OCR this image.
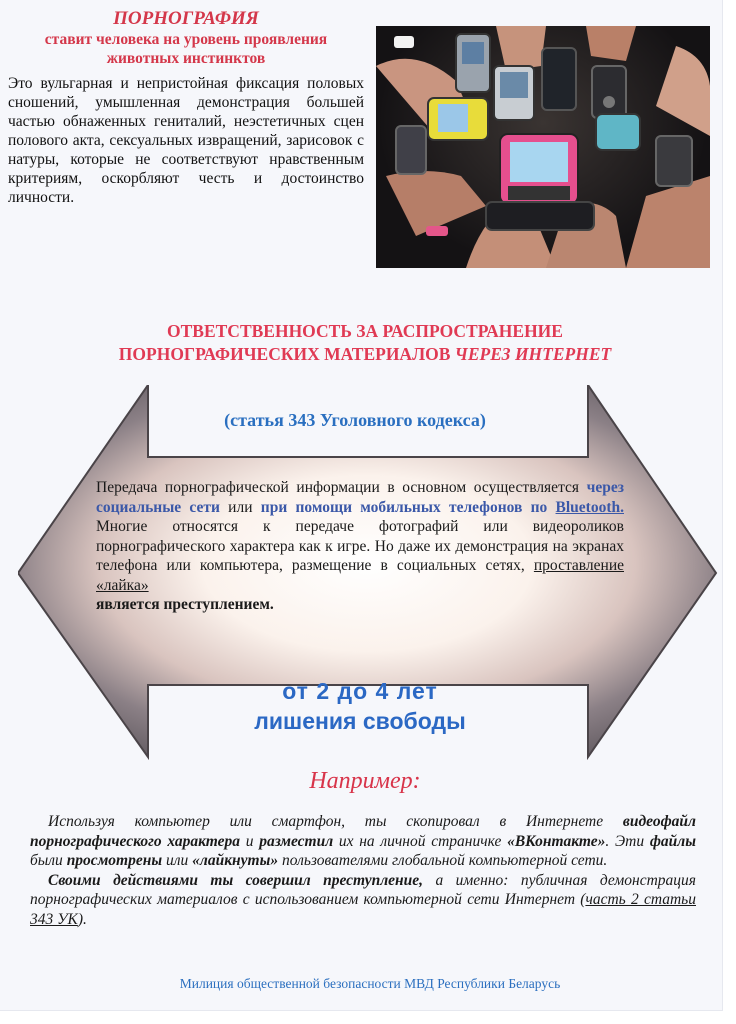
ПОРНОГРАФИЯ

ставит человека на уровень проявления животных инстинктов

Это вульгарная и непристойная фиксация половых сношений, умышленная демонстрация большей частью обнаженных гениталий, неэстетичных сцен полового акта, сексуальных извращений, зарисовок с натуры, которые не соответствуют нравственным критериям, оскорбляют честь и достоинство личности.

ОТВЕТСТВЕННОСТЬ ЗА РАСПРОСТРАНЕНИЕ
ПОРНОГРАФИЧЕСКИХ МАТЕРИАЛОВ ЧЕРЕЗ ИНТЕРНЕТ

(статья 343 Уголовного кодекса)

Передача порнографической информации в основном осуществляется через социальные сети или при помощи мобильных телефонов по Bluetooth. Многие относятся к передаче фотографий или видеороликов порнографического характера как к игре. Но даже их демонстрация на экранах телефона или компьютера, размещение в социальных сетях, проставление «лайка»
является преступлением.

от 2 до 4 лет
лишения свободы

Например:

Используя компьютер или смартфон, ты скопировал в Интернете видеофайл порнографического характера и разместил их на личной страничке «ВКонтакте». Эти файлы были просмотрены или «лайкнуты» пользователями глобальной компьютерной сети.

Своими действиями ты совершил преступление, а именно: публичная демонстрация порнографических материалов с использованием компьютерной сети Интернет (часть 2 статьи 343 УК).

Милиция общественной безопасности МВД Республики Беларусь
